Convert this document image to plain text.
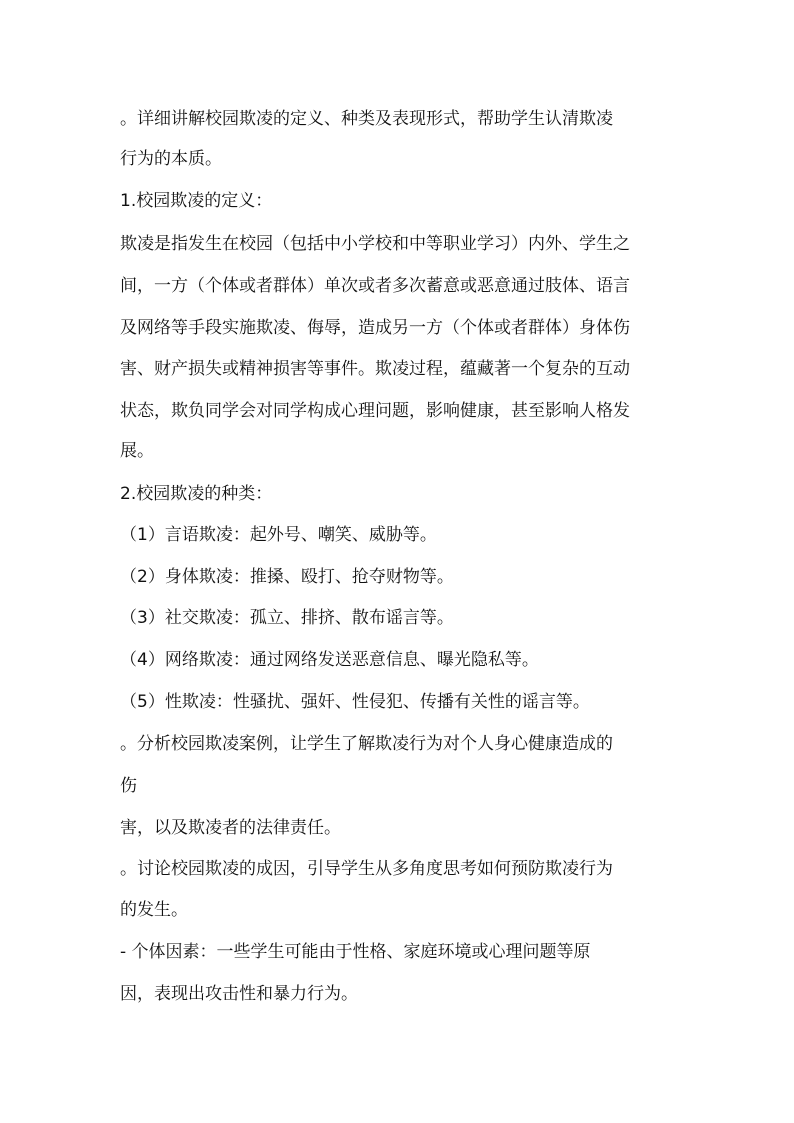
。详细讲解校园欺凌的定义、种类及表现形式，帮助学生认清欺凌
行为的本质。
1.校园欺凌的定义：
欺凌是指发生在校园（包括中小学校和中等职业学习）内外、学生之
间，一方（个体或者群体）单次或者多次蓄意或恶意通过肢体、语言
及网络等手段实施欺凌、侮辱，造成另一方（个体或者群体）身体伤
害、财产损失或精神损害等事件。欺凌过程，蕴藏著一个复杂的互动
状态，欺负同学会对同学构成心理问题，影响健康，甚至影响人格发
展。
2.校园欺凌的种类：
（1）言语欺凌：起外号、嘲笑、威胁等。
（2）身体欺凌：推搡、殴打、抢夺财物等。
（3）社交欺凌：孤立、排挤、散布谣言等。
（4）网络欺凌：通过网络发送恶意信息、曝光隐私等。
（5）性欺凌：性骚扰、强奸、性侵犯、传播有关性的谣言等。
。分析校园欺凌案例，让学生了解欺凌行为对个人身心健康造成的
伤
害，以及欺凌者的法律责任。
。讨论校园欺凌的成因，引导学生从多角度思考如何预防欺凌行为
的发生。
- 个体因素：一些学生可能由于性格、家庭环境或心理问题等原
因，表现出攻击性和暴力行为。
